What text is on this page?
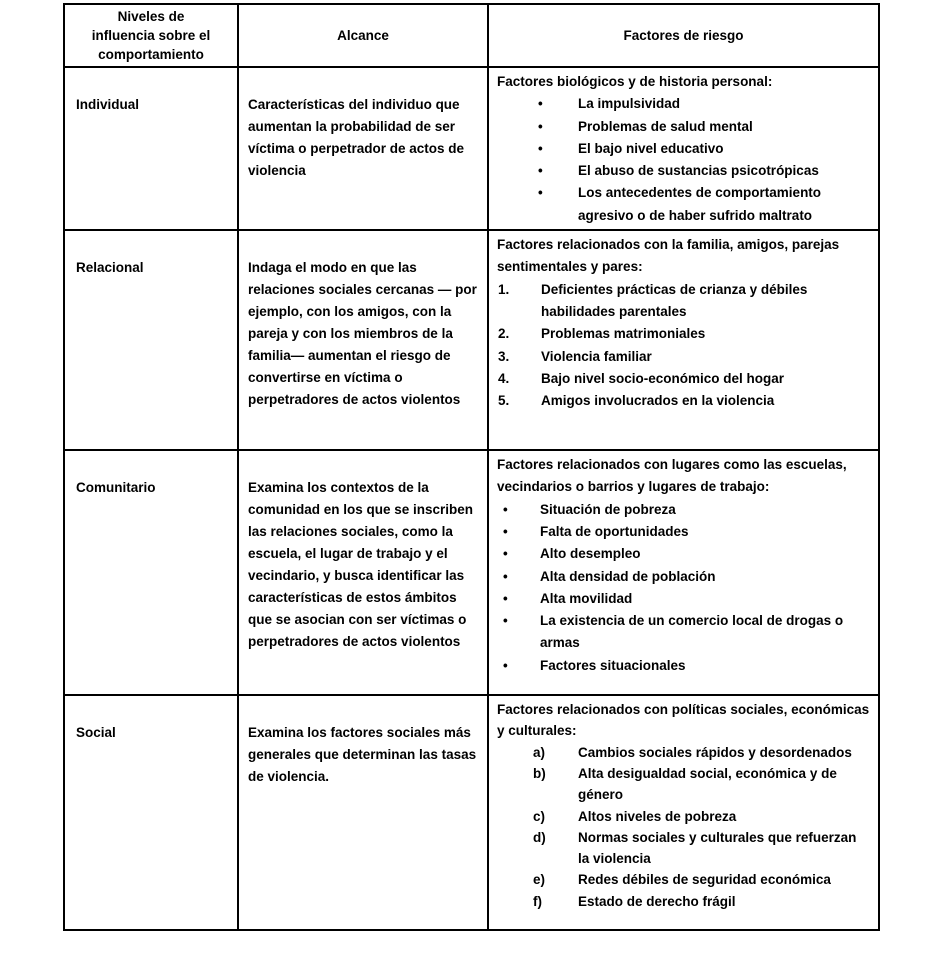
Niveles de
influencia sobre el
comportamiento	Alcance	Factores de riesgo
Individual	Características del individuo que aumentan la probabilidad de ser víctima o perpetrador de actos de violencia	
Factores biológicos y de historia personal:
•	La impulsividad
•	Problemas de salud mental
•	El bajo nivel educativo
•	El abuso de sustancias psicotrópicas
•	Los antecedentes de comportamiento agresivo o de haber sufrido maltrato

Relacional	Indaga el modo en que las relaciones sociales cercanas — por ejemplo, con los amigos, con la pareja y con los miembros de la familia— aumentan el riesgo de convertirse en víctima o perpetradores de actos violentos	
Factores relacionados con la familia, amigos, parejas sentimentales y pares:
1.	Deficientes prácticas de crianza y débiles habilidades parentales
2.	Problemas matrimoniales
3.	Violencia familiar
4.	Bajo nivel socio-económico del hogar
5.	Amigos involucrados en la violencia

Comunitario	Examina los contextos de la comunidad en los que se inscriben las relaciones sociales, como la escuela, el lugar de trabajo y el vecindario, y busca identificar las características de estos ámbitos que se asocian con ser víctimas o perpetradores de actos violentos	
Factores relacionados con lugares como las escuelas, vecindarios o barrios y lugares de trabajo:
•	Situación de pobreza
•	Falta de oportunidades
•	Alto desempleo
•	Alta densidad de población
•	Alta movilidad
•	La existencia de un comercio local de drogas o armas
•	Factores situacionales

Social	Examina los factores sociales más generales que determinan las tasas de violencia.	
Factores relacionados con políticas sociales, económicas y culturales:
a)	Cambios sociales rápidos y desordenados
b)	Alta desigualdad social, económica y de género
c)	Altos niveles de pobreza
d)	Normas sociales y culturales que refuerzan la violencia
e)	Redes débiles de seguridad económica
f)	Estado de derecho frágil
